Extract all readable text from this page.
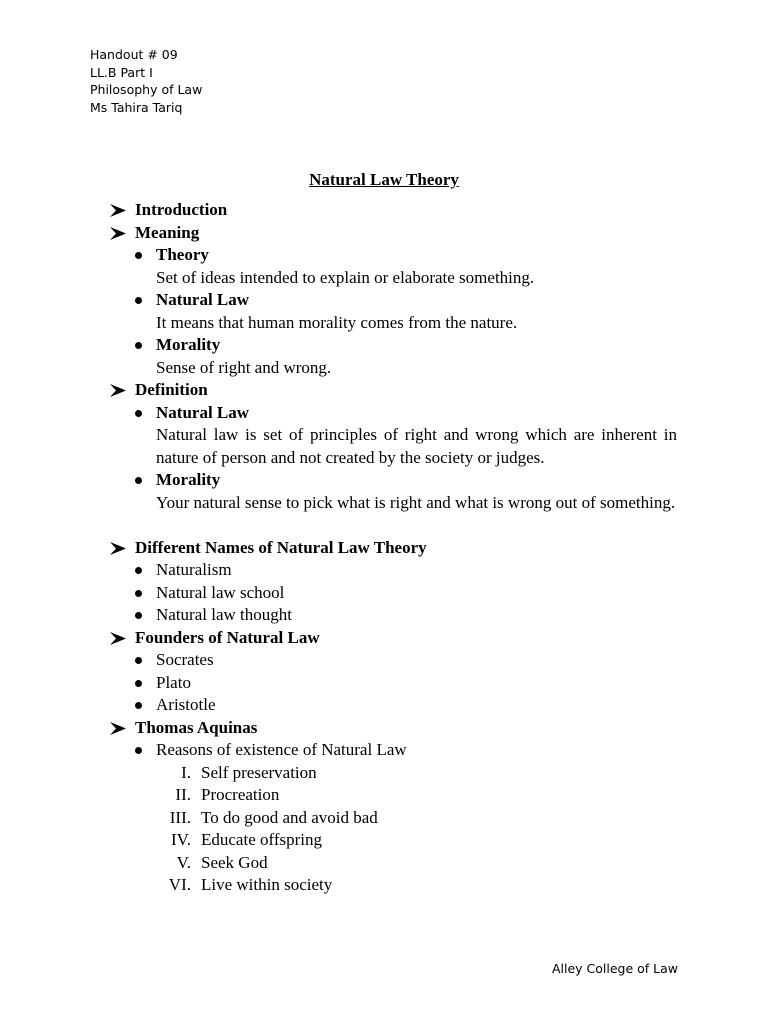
Handout # 09
LL.B Part I
Philosophy of Law
Ms Tahira Tariq
Natural Law Theory
Introduction
Meaning
Theory
Set of ideas intended to explain or elaborate something.
Natural Law
It means that human morality comes from the nature.
Morality
Sense of right and wrong.
Definition
Natural Law
Natural law is set of principles of right and wrong which are inherent in nature of person and not created by the society or judges.
Morality
Your natural sense to pick what is right and what is wrong out of something.
Different Names of Natural Law Theory
Naturalism
Natural law school
Natural law thought
Founders of Natural Law
Socrates
Plato
Aristotle
Thomas Aquinas
Reasons of existence of Natural Law
I. Self preservation
II. Procreation
III. To do good and avoid bad
IV. Educate offspring
V. Seek God
VI. Live within society
Alley College of Law
